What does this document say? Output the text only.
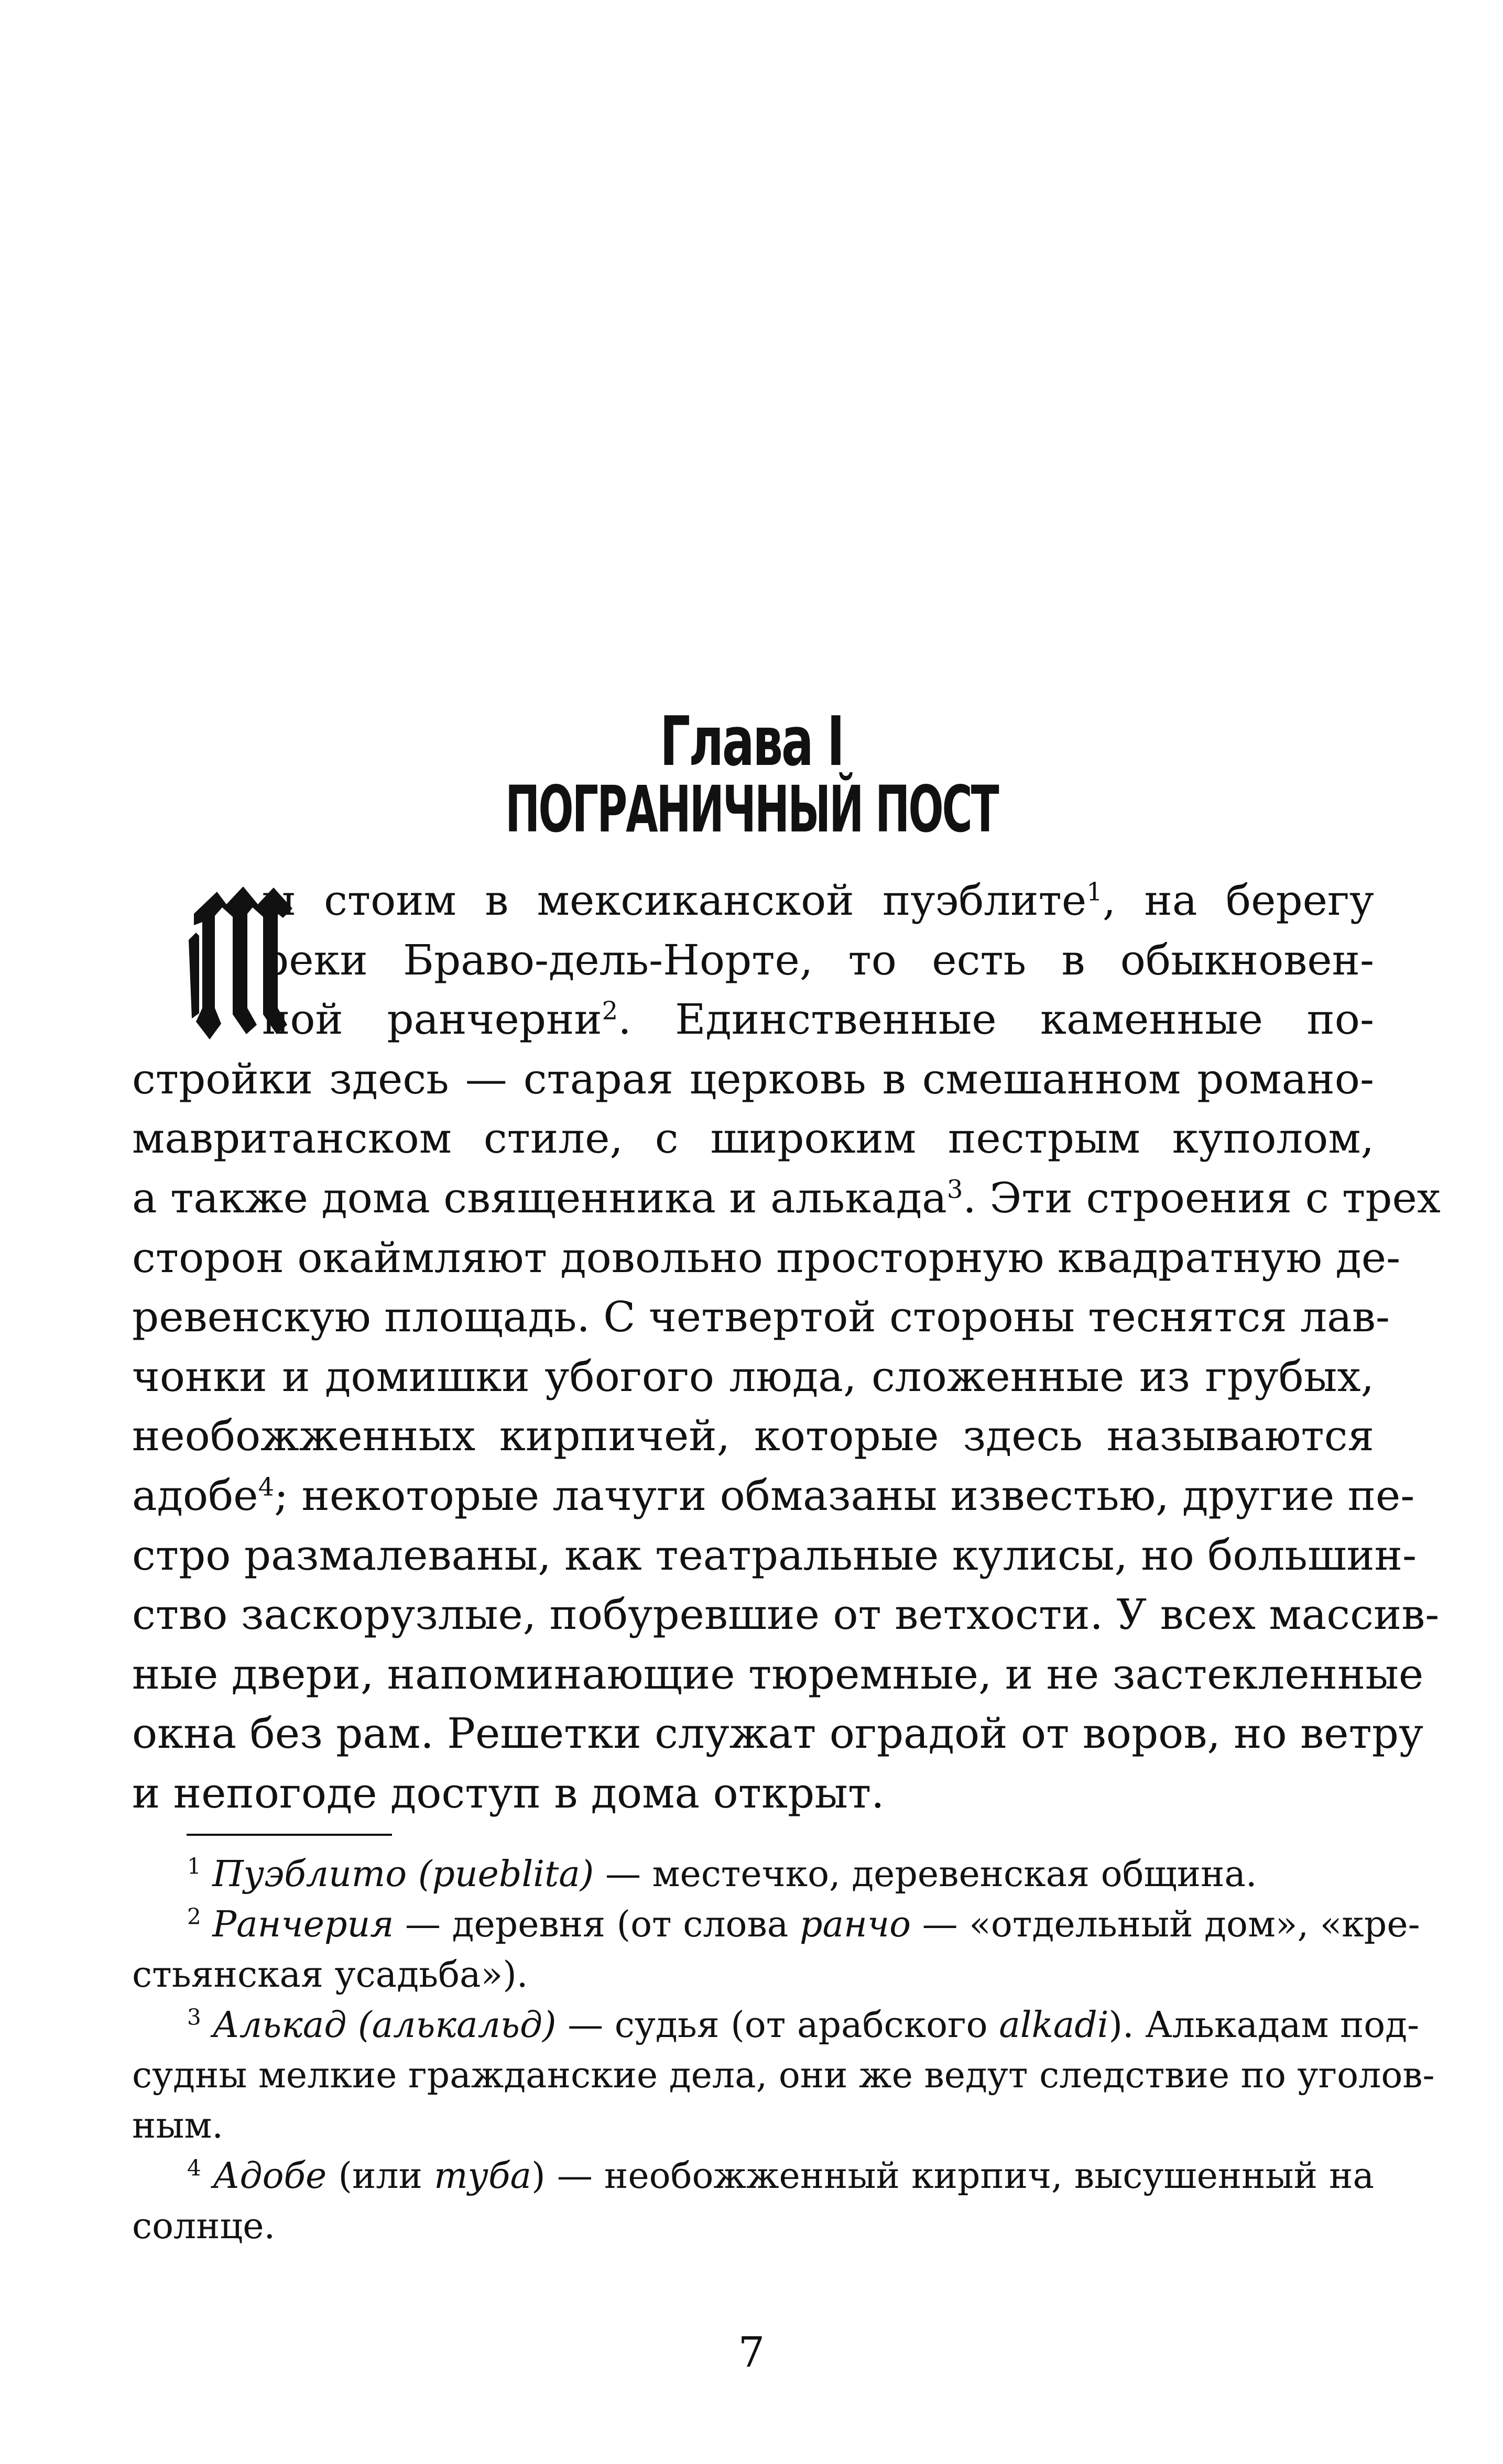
Глава I
ПОГРАНИЧНЫЙ ПОСТ
ы стоим в мексиканской пуэблите$^1$, на берегу
реки Браво-дель-Норте, то есть в обыкновен-
ной ранчерни$^2$. Единственные каменные по-
стройки здесь — старая церковь в смешанном романо-
мавританском стиле, с широким пестрым куполом,
а также дома священника и алькада$^3$. Эти строения с трех
сторон окаймляют довольно просторную квадратную де-
ревенскую площадь. С четвертой стороны теснятся лав-
чонки и домишки убогого люда, сложенные из грубых,
необожженных кирпичей, которые здесь называются
адобе$^4$; некоторые лачуги обмазаны известью, другие пе-
стро размалеваны, как театральные кулисы, но большин-
ство заскорузлые, побуревшие от ветхости. У всех массив-
ные двери, напоминающие тюремные, и не застекленные
окна без рам. Решетки служат оградой от воров, но ветру
и непогоде доступ в дома открыт.
$^1$ Пуэблито (pueblita) — местечко, деревенская община.
$^2$ Ранчерия — деревня (от слова ранчо — «отдельный дом», «кре-
стьянская усадьба»).
$^3$ Алькад (алькальд) — судья (от арабского alkadi). Алькадам под-
судны мелкие гражданские дела, они же ведут следствие по уголов-
ным.
$^4$ Адобе (или туба) — необожженный кирпич, высушенный на
солнце.
7
